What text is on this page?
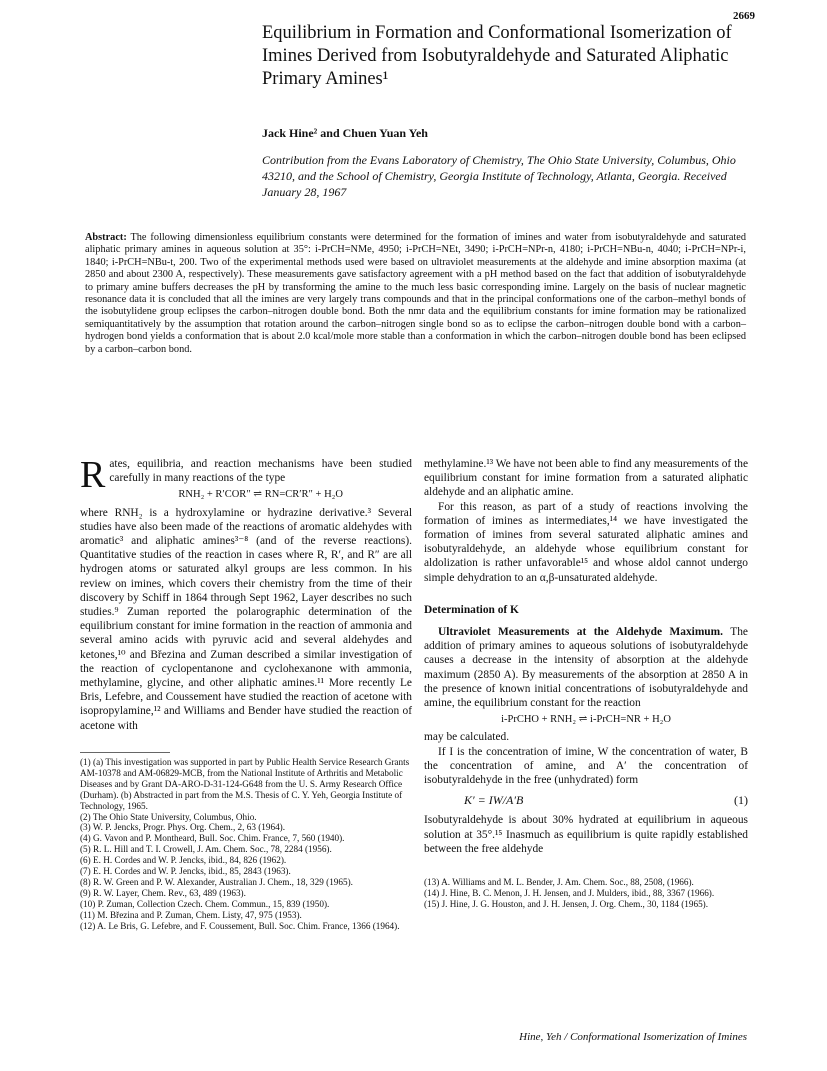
2669
Equilibrium in Formation and Conformational Isomerization of Imines Derived from Isobutyraldehyde and Saturated Aliphatic Primary Amines¹
Jack Hine² and Chuen Yuan Yeh
Contribution from the Evans Laboratory of Chemistry, The Ohio State University, Columbus, Ohio 43210, and the School of Chemistry, Georgia Institute of Technology, Atlanta, Georgia. Received January 28, 1967
Abstract: The following dimensionless equilibrium constants were determined for the formation of imines and water from isobutyraldehyde and saturated aliphatic primary amines in aqueous solution at 35°: i-PrCH=NMe, 4950; i-PrCH=NEt, 3490; i-PrCH=NPr-n, 4180; i-PrCH=NBu-n, 4040; i-PrCH=NPr-i, 1840; i-PrCH=NBu-t, 200. Two of the experimental methods used were based on ultraviolet measurements at the aldehyde and imine absorption maxima (at 2850 and about 2300 A, respectively). These measurements gave satisfactory agreement with a pH method based on the fact that addition of isobutyraldehyde to primary amine buffers decreases the pH by transforming the amine to the much less basic corresponding imine. Largely on the basis of nuclear magnetic resonance data it is concluded that all the imines are very largely trans compounds and that in the principal conformations one of the carbon–methyl bonds of the isobutylidene group eclipses the carbon–nitrogen double bond. Both the nmr data and the equilibrium constants for imine formation may be rationalized semiquantitatively by the assumption that rotation around the carbon–nitrogen single bond so as to eclipse the carbon–nitrogen double bond with a carbon–hydrogen bond yields a conformation that is about 2.0 kcal/mole more stable than a conformation in which the carbon–nitrogen double bond has been eclipsed by a carbon–carbon bond.

R ates, equilibria, and reaction mechanisms have been studied carefully in many reactions of the type

RNH₂ + R′COR″ ⇌ RN=CR′R″ + H₂O

where RNH₂ is a hydroxylamine or hydrazine derivative.³ Several studies have also been made of the reactions of aromatic aldehydes with aromatic³ and aliphatic amines³⁻⁸ (and of the reverse reactions). Quantitative studies of the reaction in cases where R, R′, and R″ are all hydrogen atoms or saturated alkyl groups are less common. In his review on imines, which covers their chemistry from the time of their discovery by Schiff in 1864 through Sept 1962, Layer describes no such studies.⁹ Zuman reported the polarographic determination of the equilibrium constant for imine formation in the reaction of ammonia and several amino acids with pyruvic acid and several aldehydes and ketones,¹⁰ and Březina and Zuman described a similar investigation of the reaction of cyclopentanone and cyclohexanone with ammonia, methylamine, glycine, and other aliphatic amines.¹¹ More recently Le Bris, Lefebre, and Coussement have studied the reaction of acetone with isopropylamine,¹² and Williams and Bender have studied the reaction of acetone with

(1) (a) This investigation was supported in part by Public Health Service Research Grants AM-10378 and AM-06829-MCB, from the National Institute of Arthritis and Metabolic Diseases and by Grant DA-ARO-D-31-124-G648 from the U. S. Army Research Office (Durham). (b) Abstracted in part from the M.S. Thesis of C. Y. Yeh, Georgia Institute of Technology, 1965.
(2) The Ohio State University, Columbus, Ohio.
(3) W. P. Jencks, Progr. Phys. Org. Chem., 2, 63 (1964).
(4) G. Vavon and P. Montheard, Bull. Soc. Chim. France, 7, 560 (1940).
(5) R. L. Hill and T. I. Crowell, J. Am. Chem. Soc., 78, 2284 (1956).
(6) E. H. Cordes and W. P. Jencks, ibid., 84, 826 (1962).
(7) E. H. Cordes and W. P. Jencks, ibid., 85, 2843 (1963).
(8) R. W. Green and P. W. Alexander, Australian J. Chem., 18, 329 (1965).
(9) R. W. Layer, Chem. Rev., 63, 489 (1963).
(10) P. Zuman, Collection Czech. Chem. Commun., 15, 839 (1950).
(11) M. Březina and P. Zuman, Chem. Listy, 47, 975 (1953).
(12) A. Le Bris, G. Lefebre, and F. Coussement, Bull. Soc. Chim. France, 1366 (1964).

methylamine.¹³ We have not been able to find any measurements of the equilibrium constant for imine formation from a saturated aliphatic aldehyde and an aliphatic amine.

For this reason, as part of a study of reactions involving the formation of imines as intermediates,¹⁴ we have investigated the formation of imines from several saturated aliphatic amines and isobutyraldehyde, an aldehyde whose equilibrium constant for aldolization is rather unfavorable¹⁵ and whose aldol cannot undergo simple dehydration to an α,β-unsaturated aldehyde.

Determination of K

Ultraviolet Measurements at the Aldehyde Maximum. The addition of primary amines to aqueous solutions of isobutyraldehyde causes a decrease in the intensity of absorption at the aldehyde maximum (2850 A). By measurements of the absorption at 2850 A in the presence of known initial concentrations of isobutyraldehyde and amine, the equilibrium constant for the reaction

i-PrCHO + RNH₂ ⇌ i-PrCH=NR + H₂O

may be calculated.

If I is the concentration of imine, W the concentration of water, B the concentration of amine, and A′ the concentration of isobutyraldehyde in the free (unhydrated) form

K′ = IW/A′B	(1)

Isobutyraldehyde is about 30% hydrated at equilibrium in aqueous solution at 35°.¹⁵ Inasmuch as equilibrium is quite rapidly established between the free aldehyde

(13) A. Williams and M. L. Bender, J. Am. Chem. Soc., 88, 2508, (1966).
(14) J. Hine, B. C. Menon, J. H. Jensen, and J. Mulders, ibid., 88, 3367 (1966).
(15) J. Hine, J. G. Houston, and J. H. Jensen, J. Org. Chem., 30, 1184 (1965).
Hine, Yeh / Conformational Isomerization of Imines
